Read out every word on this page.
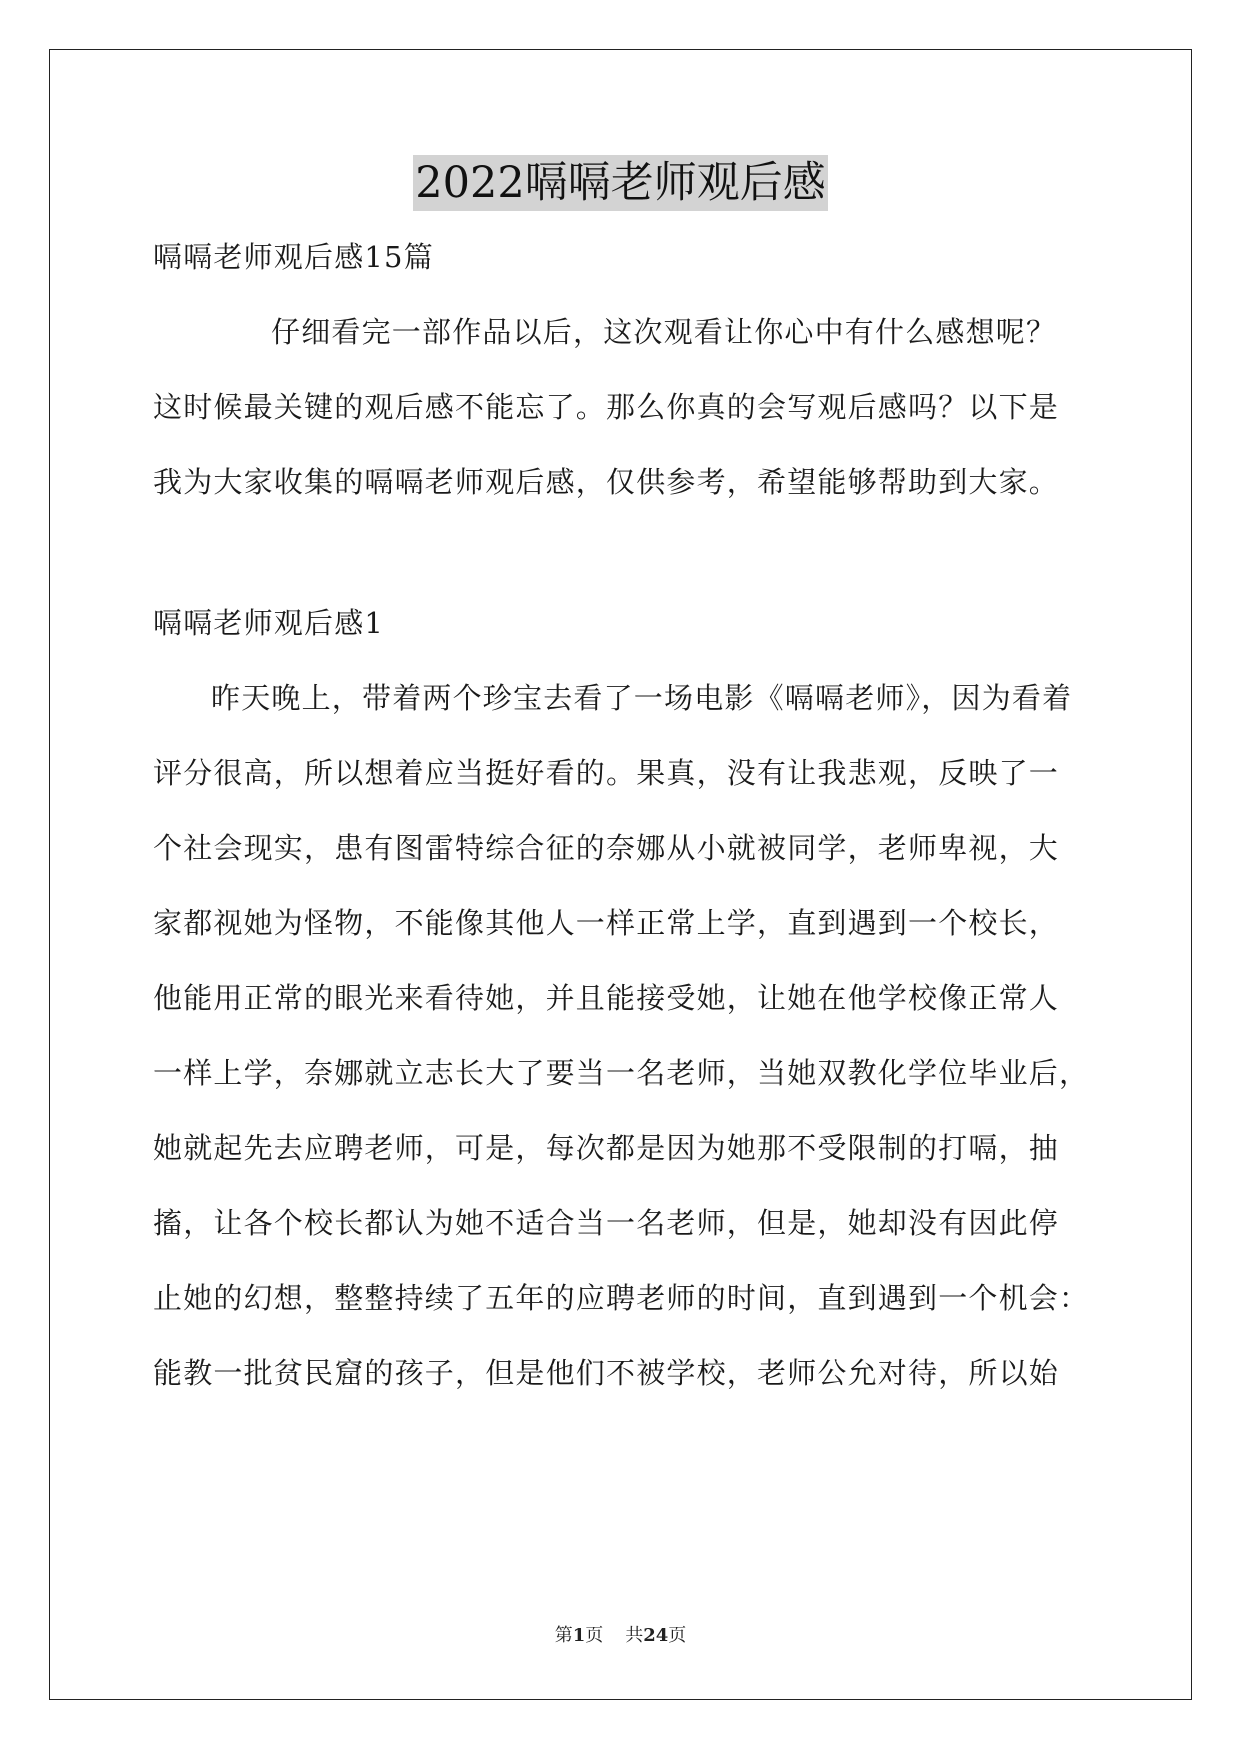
2022嗝嗝老师观后感
嗝嗝老师观后感15篇
仔细看完一部作品以后，这次观看让你心中有什么感想呢？
这时候最关键的观后感不能忘了。那么你真的会写观后感吗？以下是
我为大家收集的嗝嗝老师观后感，仅供参考，希望能够帮助到大家。
嗝嗝老师观后感1
昨天晚上，带着两个珍宝去看了一场电影《嗝嗝老师》，因为看着
评分很高，所以想着应当挺好看的。果真，没有让我悲观，反映了一
个社会现实，患有图雷特综合征的奈娜从小就被同学，老师卑视，大
家都视她为怪物，不能像其他人一样正常上学，直到遇到一个校长，
他能用正常的眼光来看待她，并且能接受她，让她在他学校像正常人
一样上学，奈娜就立志长大了要当一名老师，当她双教化学位毕业后，
她就起先去应聘老师，可是，每次都是因为她那不受限制的打嗝，抽
搐，让各个校长都认为她不适合当一名老师，但是，她却没有因此停
止她的幻想，整整持续了五年的应聘老师的时间，直到遇到一个机会：
能教一批贫民窟的孩子，但是他们不被学校，老师公允对待，所以始
第1页 共24页
